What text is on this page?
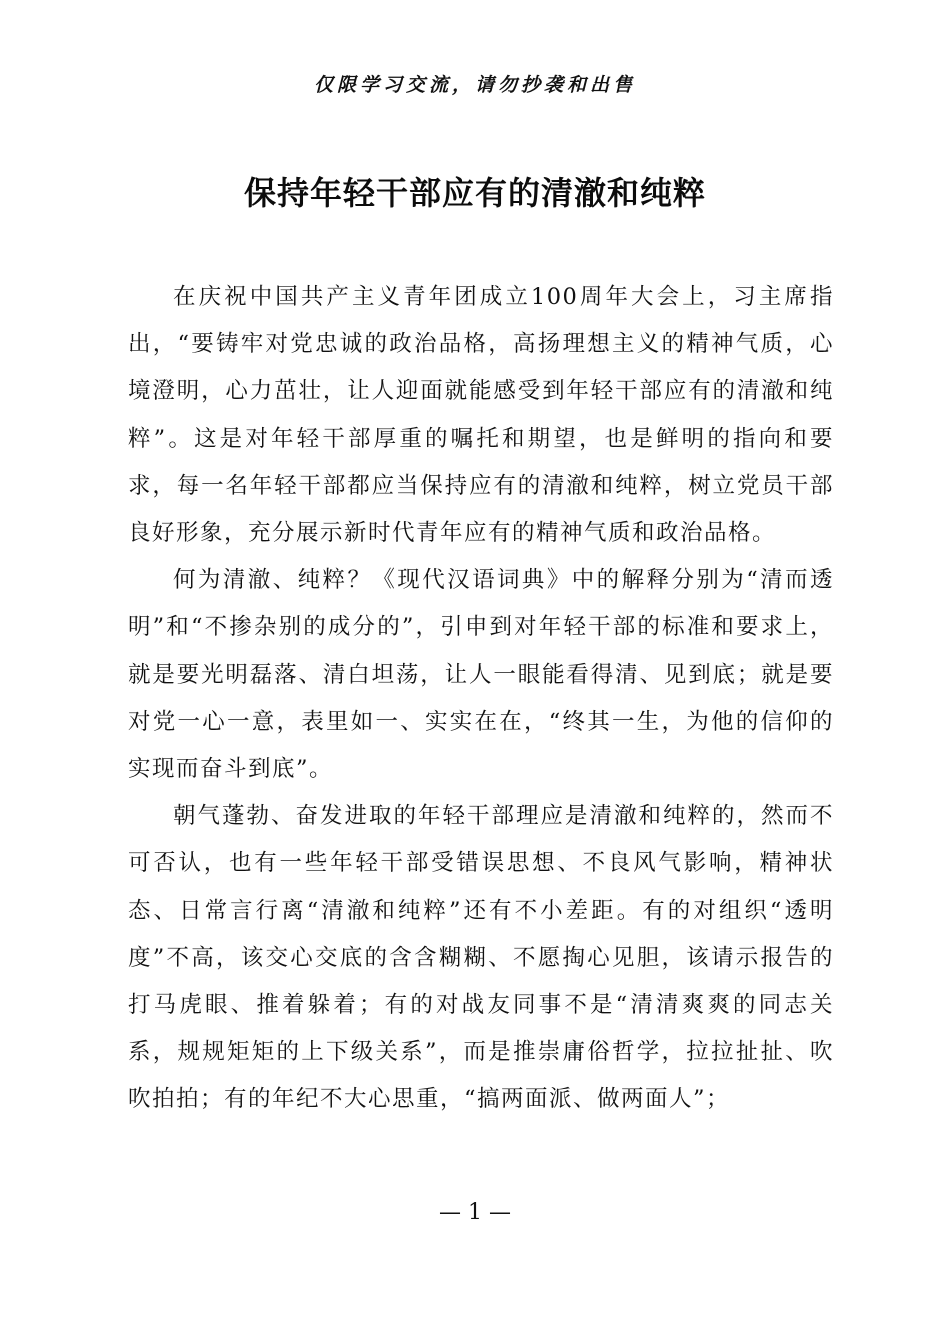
仅限学习交流，请勿抄袭和出售
保持年轻干部应有的清澈和纯粹

在庆祝中国共产主义青年团成立100周年大会上，习主席指出，“要铸牢对党忠诚的政治品格，高扬理想主义的精神气质，心境澄明，心力茁壮，让人迎面就能感受到年轻干部应有的清澈和纯粹”。这是对年轻干部厚重的嘱托和期望，也是鲜明的指向和要求，每一名年轻干部都应当保持应有的清澈和纯粹，树立党员干部良好形象，充分展示新时代青年应有的精神气质和政治品格。

何为清澈、纯粹？《现代汉语词典》中的解释分别为“清而透明”和“不掺杂别的成分的”，引申到对年轻干部的标准和要求上，就是要光明磊落、清白坦荡，让人一眼能看得清、见到底；就是要对党一心一意，表里如一、实实在在，“终其一生，为他的信仰的实现而奋斗到底”。

朝气蓬勃、奋发进取的年轻干部理应是清澈和纯粹的，然而不可否认，也有一些年轻干部受错误思想、不良风气影响，精神状态、日常言行离“清澈和纯粹”还有不小差距。有的对组织“透明度”不高，该交心交底的含含糊糊、不愿掏心见胆，该请示报告的打马虎眼、推着躲着；有的对战友同事不是“清清爽爽的同志关系，规规矩矩的上下级关系”，而是推崇庸俗哲学，拉拉扯扯、吹吹拍拍；有的年纪不大心思重，“搞两面派、做两面人”；

— 1 —
